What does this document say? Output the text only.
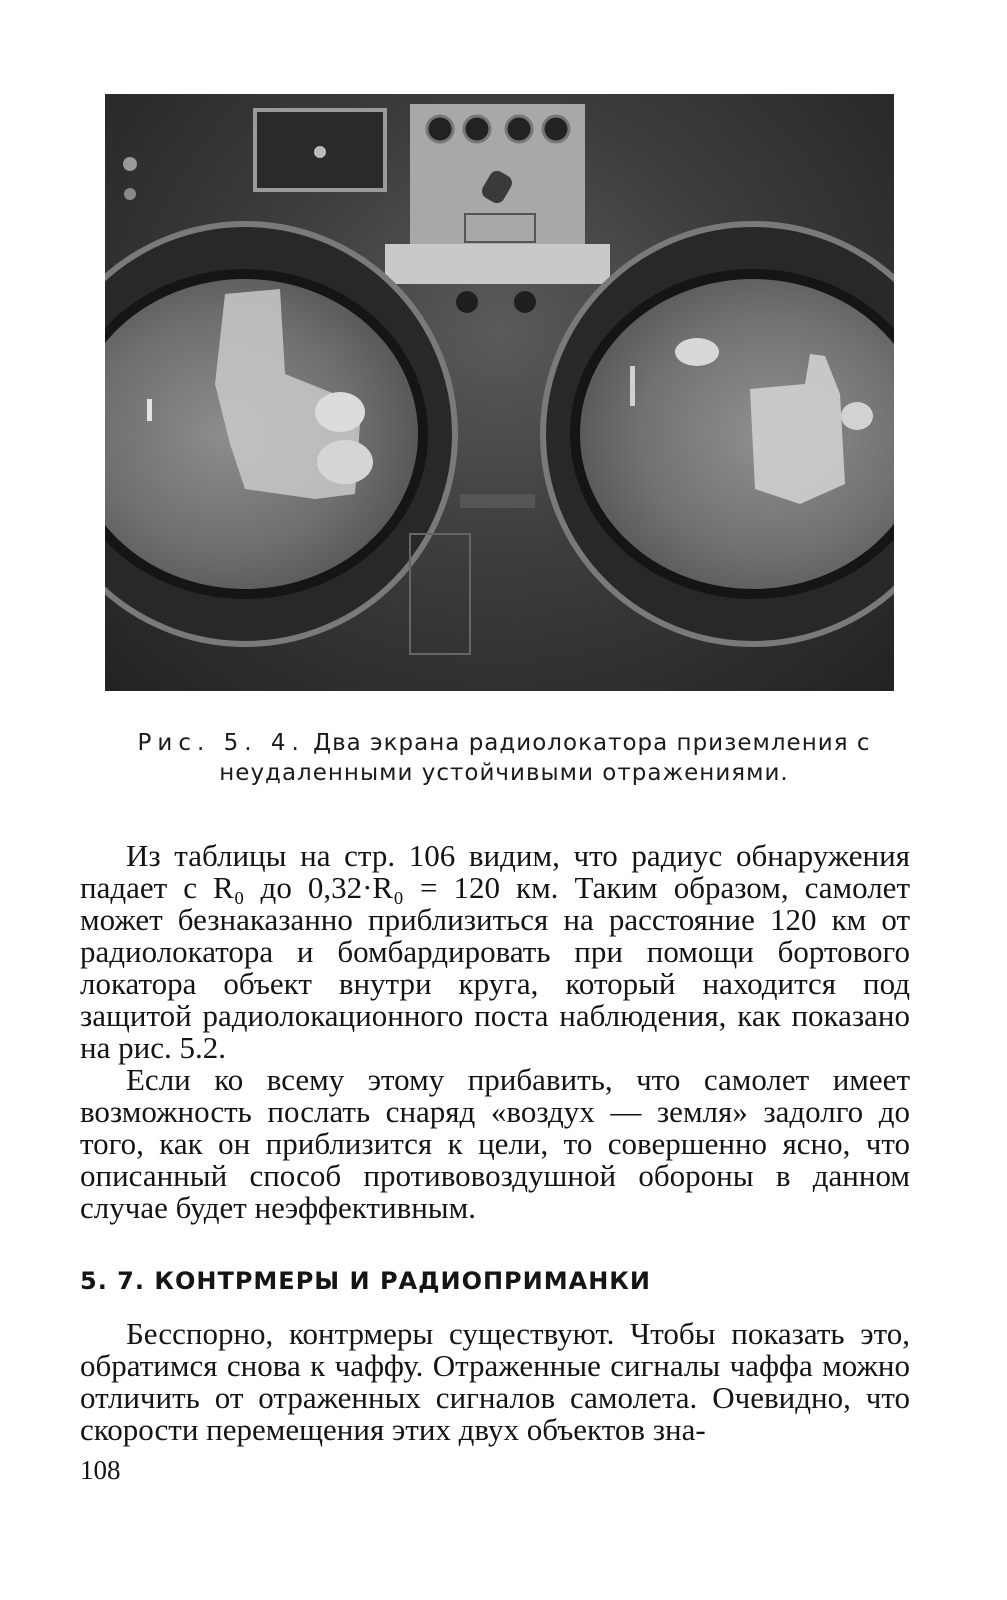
Рис. 5. 4. Два экрана радиолокатора приземления с неудаленными устойчивыми отражениями.

Из таблицы на стр. 106 видим, что радиус обнаружения падает с R₀ до 0,32·R₀ = 120 км. Таким образом, самолет может безнаказанно приблизиться на расстояние 120 км от радиолокатора и бомбардировать при помощи бортового локатора объект внутри круга, который находится под защитой радиолокационного поста наблюдения, как показано на рис. 5.2.

Если ко всему этому прибавить, что самолет имеет возможность послать снаряд «воздух — земля» задолго до того, как он приблизится к цели, то совершенно ясно, что описанный способ противовоздушной обороны в данном случае будет неэффективным.

5. 7. КОНТРМЕРЫ И РАДИОПРИМАНКИ

Бесспорно, контрмеры существуют. Чтобы показать это, обратимся снова к чаффу. Отраженные сигналы чаффа можно отличить от отраженных сигналов самолета. Очевидно, что скорости перемещения этих двух объектов зна-

108
